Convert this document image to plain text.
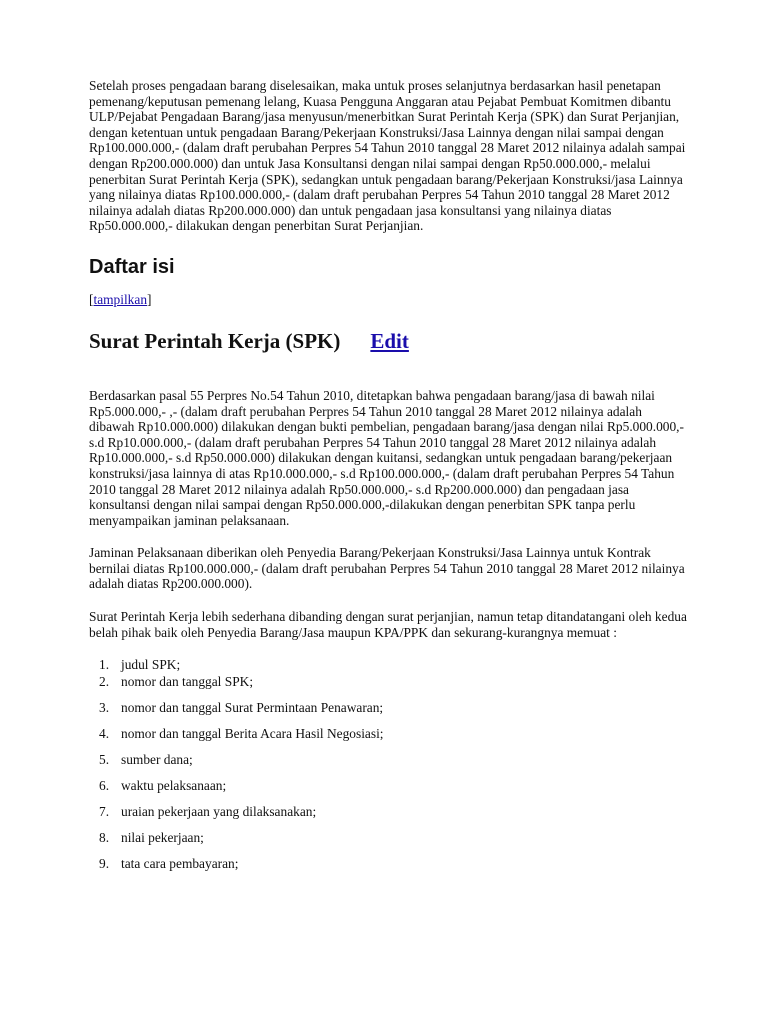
Setelah proses pengadaan barang diselesaikan, maka untuk proses selanjutnya berdasarkan hasil penetapan pemenang/keputusan pemenang lelang, Kuasa Pengguna Anggaran atau Pejabat Pembuat Komitmen dibantu ULP/Pejabat Pengadaan Barang/jasa menyusun/menerbitkan Surat Perintah Kerja (SPK) dan Surat Perjanjian, dengan ketentuan untuk pengadaan Barang/Pekerjaan Konstruksi/Jasa Lainnya dengan nilai sampai dengan Rp100.000.000,- (dalam draft perubahan Perpres 54 Tahun 2010 tanggal 28 Maret 2012 nilainya adalah sampai dengan Rp200.000.000) dan untuk Jasa Konsultansi dengan nilai sampai dengan Rp50.000.000,- melalui penerbitan Surat Perintah Kerja (SPK), sedangkan untuk pengadaan barang/Pekerjaan Konstruksi/jasa Lainnya yang nilainya diatas Rp100.000.000,- (dalam draft perubahan Perpres 54 Tahun 2010 tanggal 28 Maret 2012 nilainya adalah diatas Rp200.000.000) dan untuk pengadaan jasa konsultansi yang nilainya diatas Rp50.000.000,- dilakukan dengan penerbitan Surat Perjanjian.

Daftar isi
[tampilkan]
Surat Perintah Kerja (SPK) Edit

Berdasarkan pasal 55 Perpres No.54 Tahun 2010, ditetapkan bahwa pengadaan barang/jasa di bawah nilai Rp5.000.000,- ,- (dalam draft perubahan Perpres 54 Tahun 2010 tanggal 28 Maret 2012 nilainya adalah dibawah Rp10.000.000) dilakukan dengan bukti pembelian, pengadaan barang/jasa dengan nilai Rp5.000.000,- s.d Rp10.000.000,- (dalam draft perubahan Perpres 54 Tahun 2010 tanggal 28 Maret 2012 nilainya adalah Rp10.000.000,- s.d Rp50.000.000) dilakukan dengan kuitansi, sedangkan untuk pengadaan barang/pekerjaan konstruksi/jasa lainnya di atas Rp10.000.000,- s.d Rp100.000.000,- (dalam draft perubahan Perpres 54 Tahun 2010 tanggal 28 Maret 2012 nilainya adalah Rp50.000.000,- s.d Rp200.000.000) dan pengadaan jasa konsultansi dengan nilai sampai dengan Rp50.000.000,-dilakukan dengan penerbitan SPK tanpa perlu menyampaikan jaminan pelaksanaan.

Jaminan Pelaksanaan diberikan oleh Penyedia Barang/Pekerjaan Konstruksi/Jasa Lainnya untuk Kontrak bernilai diatas Rp100.000.000,- (dalam draft perubahan Perpres 54 Tahun 2010 tanggal 28 Maret 2012 nilainya adalah diatas Rp200.000.000).

Surat Perintah Kerja lebih sederhana dibanding dengan surat perjanjian, namun tetap ditandatangani oleh kedua belah pihak baik oleh Penyedia Barang/Jasa maupun KPA/PPK dan sekurang-kurangnya memuat :

1. judul SPK;
2. nomor dan tanggal SPK;
3. nomor dan tanggal Surat Permintaan Penawaran;
4. nomor dan tanggal Berita Acara Hasil Negosiasi;
5. sumber dana;
6. waktu pelaksanaan;
7. uraian pekerjaan yang dilaksanakan;
8. nilai pekerjaan;
9. tata cara pembayaran;
